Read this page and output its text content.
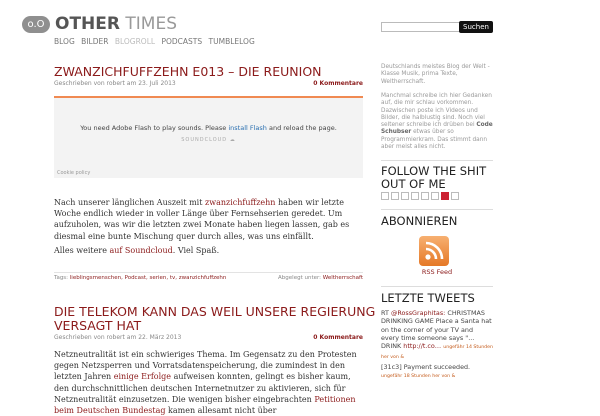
o.O OTHER TIMES
BLOG BILDER BLOGROLL PODCASTS TUMBLELOG
Suchen
ZWANZICHFUFFZEHN E013 – DIE REUNION
Geschrieben von robert am 23. Juli 2013	0 Kommentare
You need Adobe Flash to play sounds. Please install Flash and reload the page.
SOUNDCLOUD ☁
Cookie policy
Nach unserer länglichen Auszeit mit zwanzichfuffzehn haben wir letzte Woche endlich wieder in voller Länge über Fernsehserien geredet. Um aufzuholen, was wir die letzten zwei Monate haben liegen lassen, gab es diesmal eine bunte Mischung quer durch alles, was uns einfällt.
Alles weitere auf Soundcloud. Viel Spaß.
Tags: lieblingsmenschen, Podcast, serien, tv, zwanzichfuffzehn	Abgelegt unter: Weltherrschaft
DIE TELEKOM KANN DAS WEIL UNSERE REGIERUNG
VERSAGT HAT
Geschrieben von robert am 22. März 2013	0 Kommentare
Netzneutralität ist ein schwieriges Thema. Im Gegensatz zu den Protesten gegen Netzsperren und Vorratsdatenspeicherung, die zumindest in den letzten Jahren einige Erfolge aufweisen konnten, gelingt es bisher kaum, den durchschnittlichen deutschen Internetnutzer zu aktivieren, sich für Netzneutralität einzusetzen. Die wenigen bisher eingebrachten Petitionen beim Deutschen Bundestag kamen allesamt nicht über
Deutschlands meistes Blog der Welt - Klasse Musik, prima Texte, Weltherrschaft.
Manchmal schreibe ich hier Gedanken auf, die mir schlau vorkommen. Dazwischen poste ich Videos und Bilder, die halblustig sind. Noch viel seltener schreibe ich drüben bei Code Schubser etwas über so Programmierkram. Das stimmt dann aber meist alles nicht.
FOLLOW THE SHIT
OUT OF ME
ABONNIEREN
RSS Feed
LETZTE TWEETS
RT @RossGraphitas: CHRISTMAS DRINKING GAME Place a Santa hat on the corner of your TV and every time someone says "... DRINK http://t.co… ungefähr 14 Stunden her von &
[31c3] Payment succeeded.
ungefähr 18 Stunden her von &
